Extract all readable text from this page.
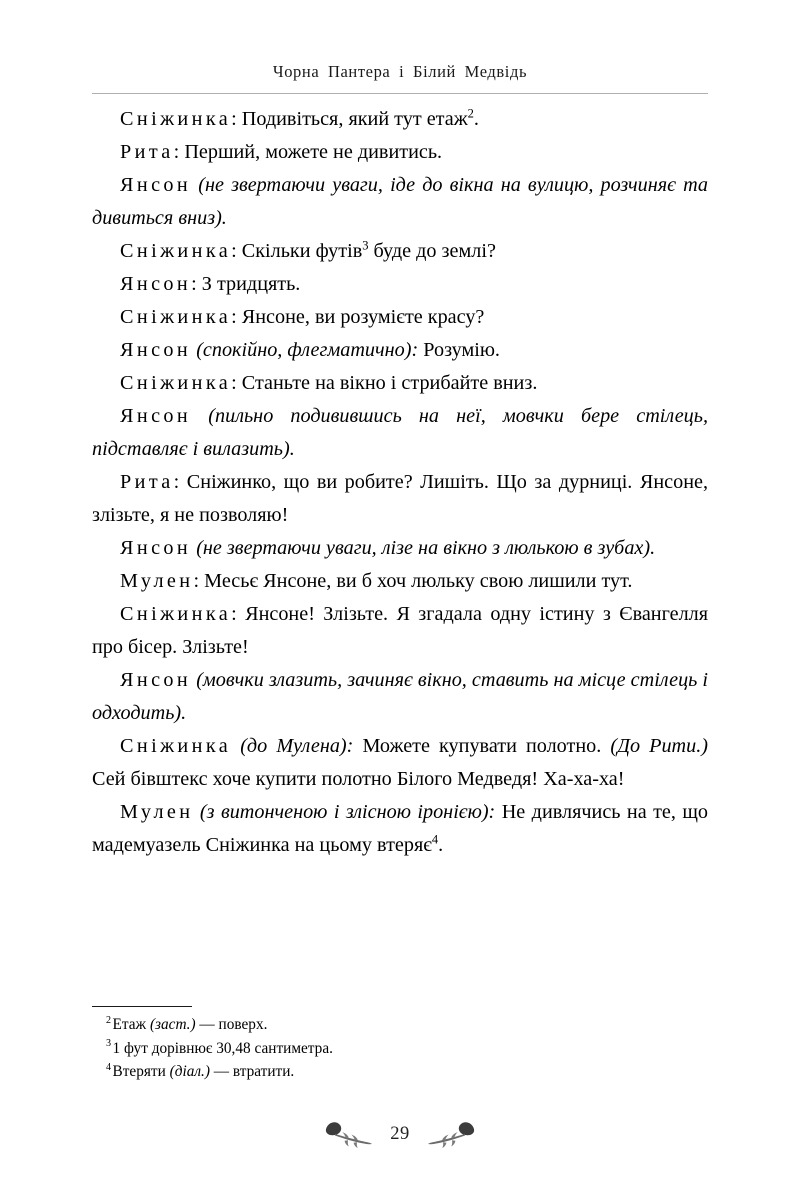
Чорна Пантера і Білий Медвідь

Сніжинка: Подивіться, який тут етаж$^2$.

Рита: Перший, можете не дивитись.

Янсон (не звертаючи уваги, іде до вікна на вулицю, розчиняє та дивиться вниз).

Сніжинка: Скільки футів$^3$ буде до землі?

Янсон: З тридцять.

Сніжинка: Янсоне, ви розумієте красу?

Янсон (спокійно, флегматично): Розумію.

Сніжинка: Станьте на вікно і стрибайте вниз.

Янсон (пильно подивившись на неї, мовчки бере стілець, підставляє і вилазить).

Рита: Сніжинко, що ви робите? Лишіть. Що за дурниці. Янсоне, злізьте, я не позволяю!

Янсон (не звертаючи уваги, лізе на вікно з люлькою в зубах).

Мулен: Месьє Янсоне, ви б хоч люльку свою лишили тут.

Сніжинка: Янсоне! Злізьте. Я згадала одну істину з Євангелля про бісер. Злізьте!

Янсон (мовчки злазить, зачиняє вікно, ставить на місце стілець і одходить).

Сніжинка (до Мулена): Можете купувати полотно. (До Рити.) Сей бівштекс хоче купити полотно Білого Медведя! Ха-ха-ха!

Мулен (з витонченою і злісною іронією): Не дивлячись на те, що мадемуазель Сніжинка на цьому втеряє$^4$.

$^2$Етаж (заст.) — поверх.

$^3$1 фут дорівнює 30,48 сантиметра.

$^4$Втеряти (діал.) — втратити.

29
